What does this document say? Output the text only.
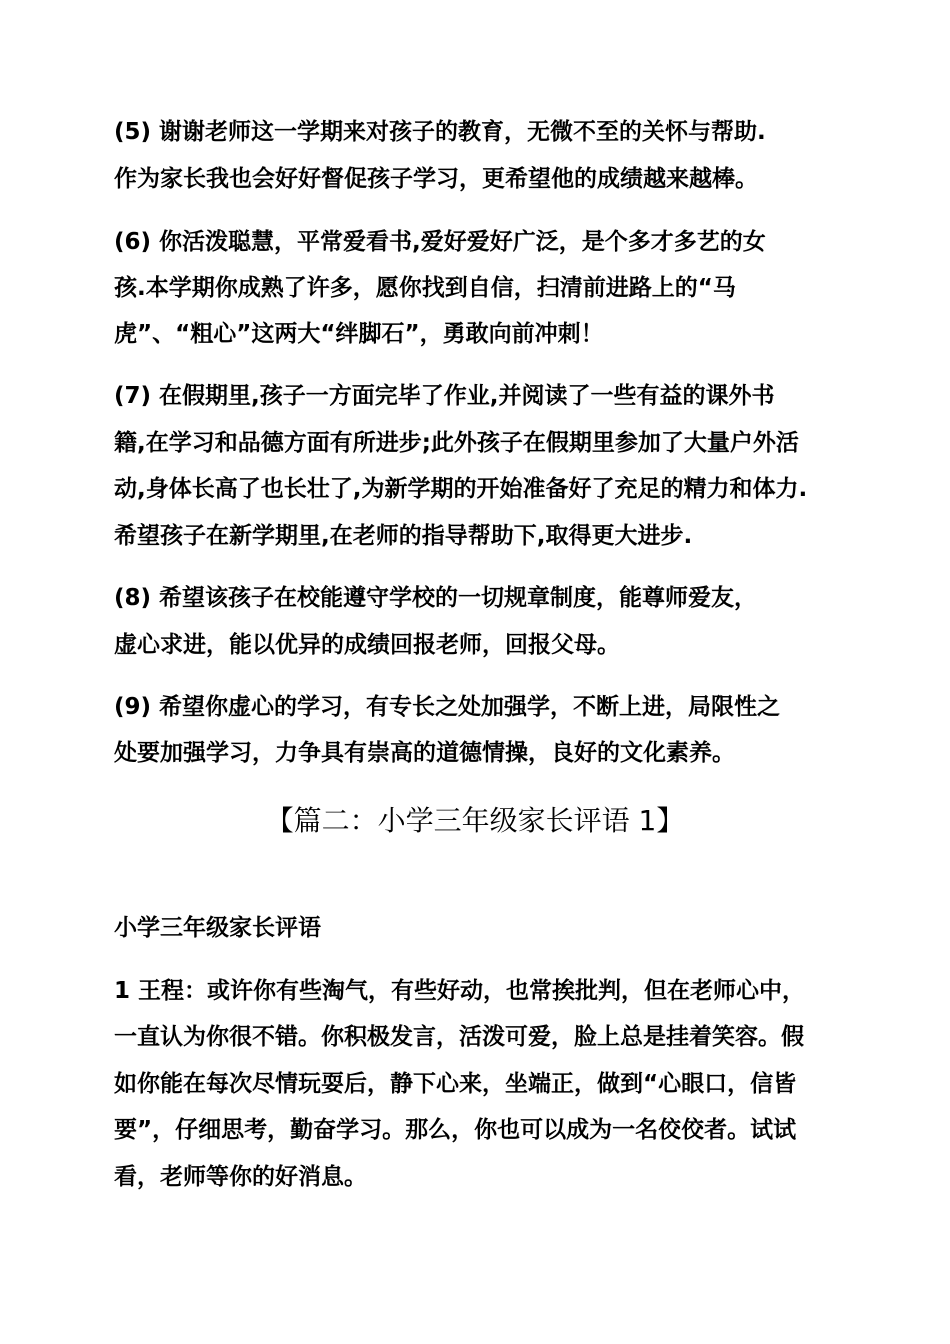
(5) 谢谢老师这一学期来对孩子的教育，无微不至的关怀与帮助.
作为家长我也会好好督促孩子学习，更希望他的成绩越来越棒。
(6) 你活泼聪慧，平常爱看书,爱好爱好广泛，是个多才多艺的女
孩.本学期你成熟了许多，愿你找到自信，扫清前进路上的“马
虎”、“粗心”这两大“绊脚石”，勇敢向前冲刺！
(7) 在假期里,孩子一方面完毕了作业,并阅读了一些有益的课外书
籍,在学习和品德方面有所进步;此外孩子在假期里参加了大量户外活
动,身体长高了也长壮了,为新学期的开始准备好了充足的精力和体力.
希望孩子在新学期里,在老师的指导帮助下,取得更大进步.
(8) 希望该孩子在校能遵守学校的一切规章制度，能尊师爱友，
虚心求进，能以优异的成绩回报老师，回报父母。
(9) 希望你虚心的学习，有专长之处加强学，不断上进，局限性之
处要加强学习，力争具有崇高的道德情操，良好的文化素养。
【篇二：小学三年级家长评语 1】
小学三年级家长评语
1 王程：或许你有些淘气，有些好动，也常挨批判，但在老师心中，
一直认为你很不错。你积极发言，活泼可爱，脸上总是挂着笑容。假
如你能在每次尽情玩耍后，静下心来，坐端正，做到“心眼口，信皆
要”，仔细思考，勤奋学习。那么，你也可以成为一名佼佼者。试试
看，老师等你的好消息。
